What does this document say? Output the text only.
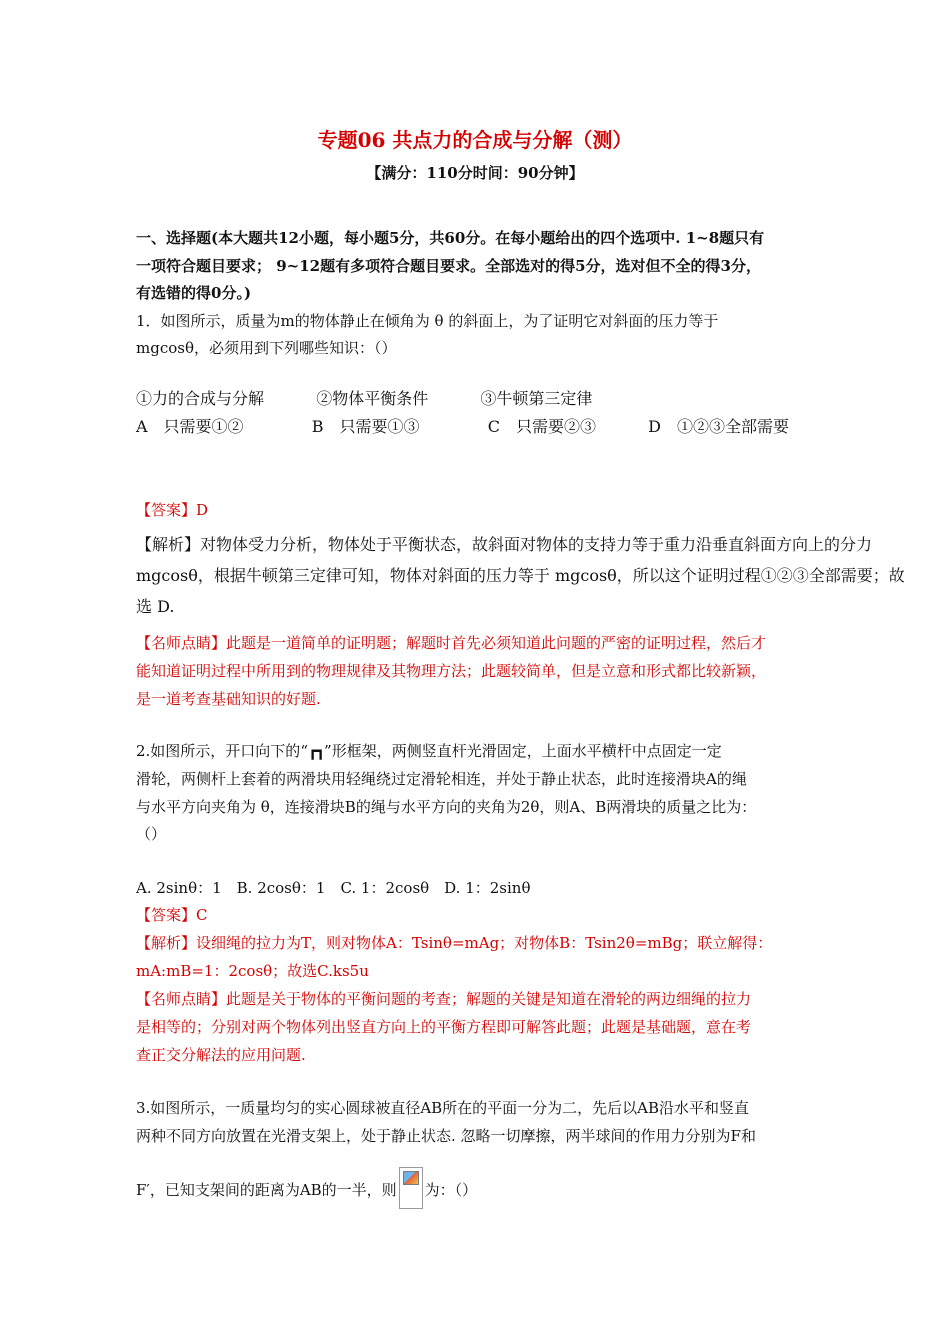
专题06 共点力的合成与分解（测）
【满分：110分时间：90分钟】
一、选择题(本大题共12小题，每小题5分，共60分。在每小题给出的四个选项中. 1~8题只有
一项符合题目要求； 9~12题有多项符合题目要求。全部选对的得5分，选对但不全的得3分，
有选错的得0分。)
1．如图所示，质量为m的物体静止在倾角为 θ 的斜面上，为了证明它对斜面的压力等于
mgcosθ，必须用到下列哪些知识：（）
①力的合成与分解	②物体平衡条件	③牛顿第三定律
A　只需要①②	B　只需要①③	C　只需要②③	D　①②③全部需要
【答案】D
【解析】对物体受力分析，物体处于平衡状态，故斜面对物体的支持力等于重力沿垂直斜面方向上的分力
mgcosθ，根据牛顿第三定律可知，物体对斜面的压力等于 mgcosθ，所以这个证明过程①②③全部需要；故
选 D.
【名师点睛】此题是一道简单的证明题；解题时首先必须知道此问题的严密的证明过程，然后才
能知道证明过程中所用到的物理规律及其物理方法；此题较简单，但是立意和形式都比较新颖，
是一道考查基础知识的好题.
2.如图所示，开口向下的“┏┓”形框架，两侧竖直杆光滑固定，上面水平横杆中点固定一定
滑轮，两侧杆上套着的两滑块用轻绳绕过定滑轮相连，并处于静止状态，此时连接滑块A的绳
与水平方向夹角为 θ，连接滑块B的绳与水平方向的夹角为2θ，则A、B两滑块的质量之比为：
（）
A. 2sinθ：1　B. 2cosθ：1　C. 1：2cosθ　D. 1：2sinθ
【答案】C
【解析】设细绳的拉力为T，则对物体A：Tsinθ=mAg；对物体B：Tsin2θ=mBg；联立解得：
mA:mB=1：2cosθ；故选C.ks5u
【名师点睛】此题是关于物体的平衡问题的考查；解题的关键是知道在滑轮的两边细绳的拉力
是相等的；分别对两个物体列出竖直方向上的平衡方程即可解答此题；此题是基础题，意在考
查正交分解法的应用问题.
3.如图所示，一质量均匀的实心圆球被直径AB所在的平面一分为二，先后以AB沿水平和竖直
两种不同方向放置在光滑支架上，处于静止状态. 忽略一切摩擦，两半球间的作用力分别为F和
F′，已知支架间的距离为AB的一半，则 为：（）
